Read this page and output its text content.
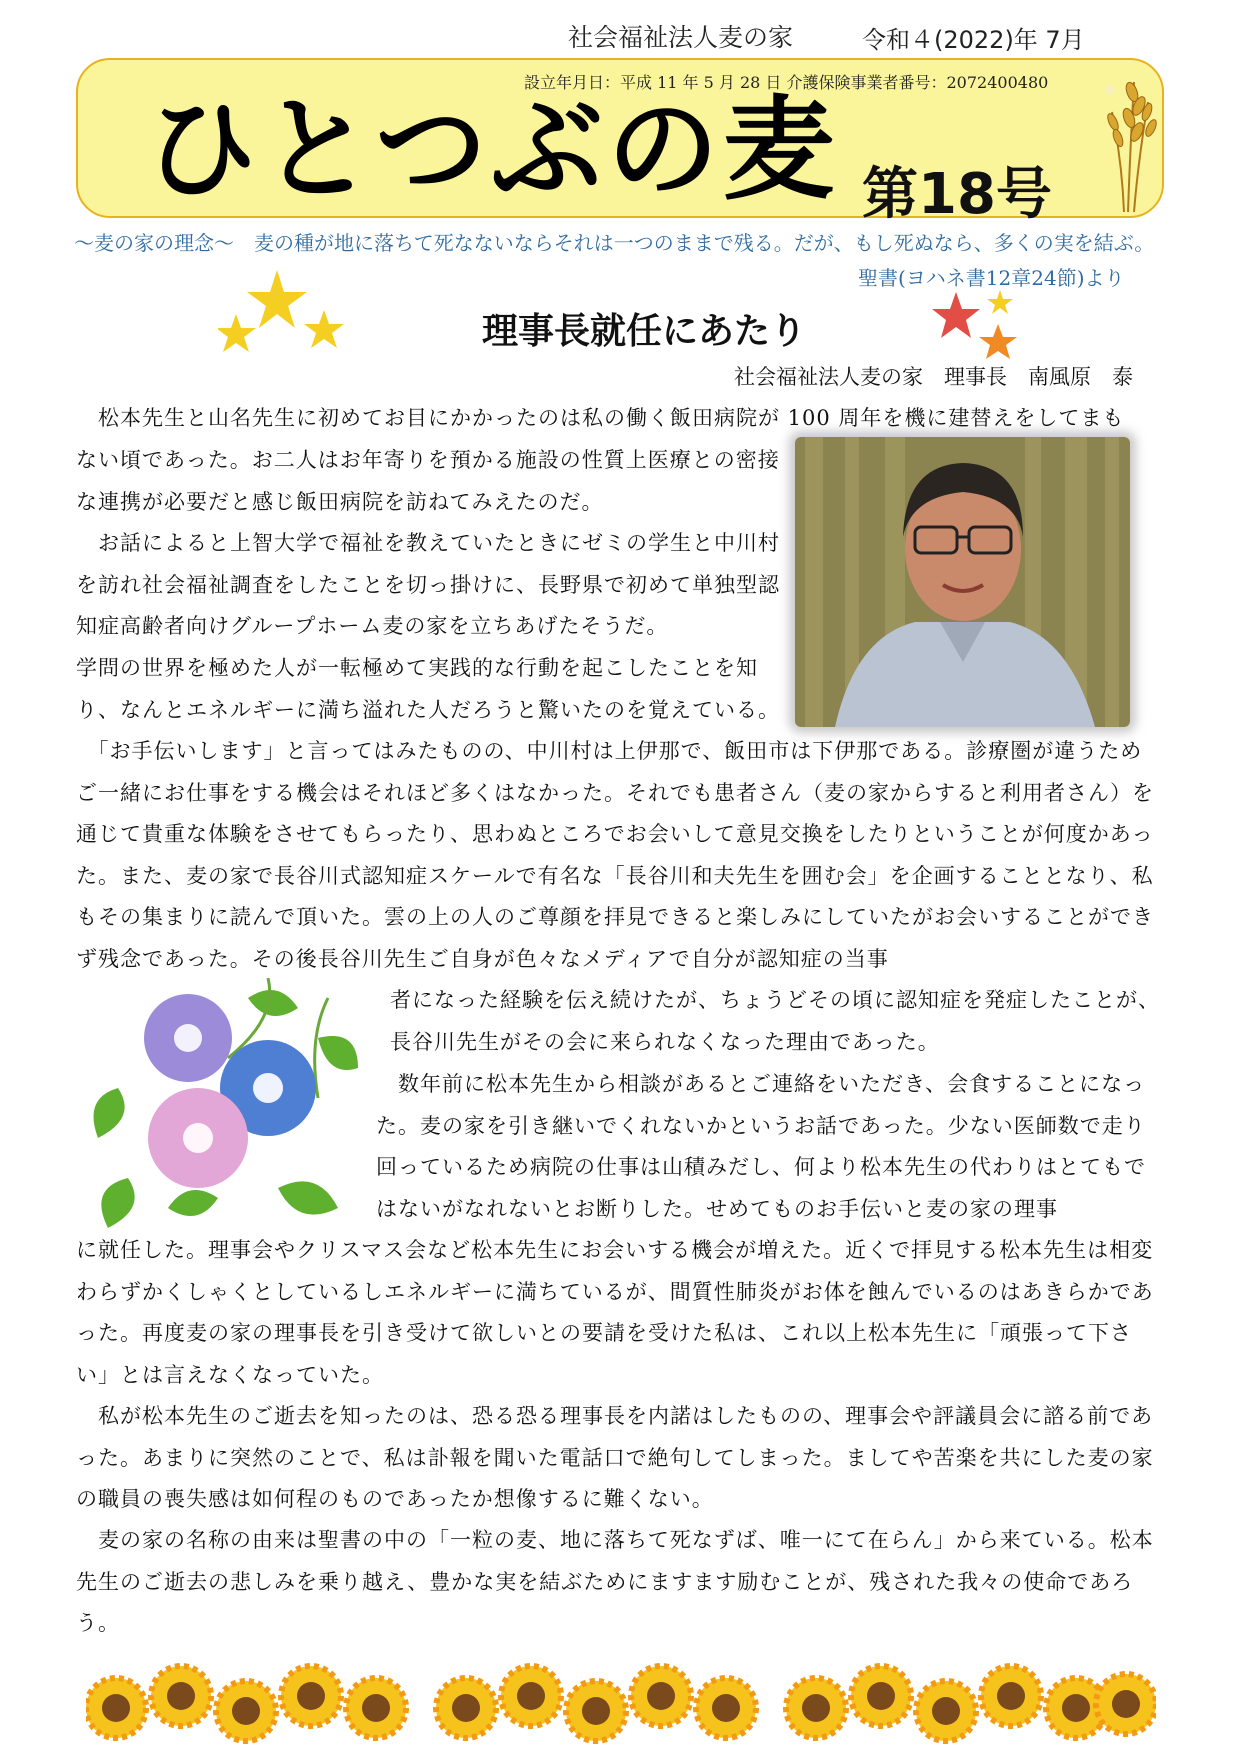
社会福祉法人麦の家	令和４(2022)年 7月
設立年月日：平成 11 年 5 月 28 日 介護保険事業者番号：2072400480
ひとつぶの麦 第18号
～麦の家の理念～　麦の種が地に落ちて死なないならそれは一つのままで残る。だが、もし死ぬなら、多くの実を結ぶ。
聖書(ヨハネ書12章24節)より
理事長就任にあたり
社会福祉法人麦の家　理事長　南風原　泰
　松本先生と山名先生に初めてお目にかかったのは私の働く飯田病院が 100 周年を機に建替えをしてまも
ない頃であった。お二人はお年寄りを預かる施設の性質上医療との密接な連携が必要だと感じ飯田病院を訪ねてみえたのだ。
　お話によると上智大学で福祉を教えていたときにゼミの学生と中川村を訪れ社会福祉調査をしたことを切っ掛けに、長野県で初めて単独型認知症高齢者向けグループホーム麦の家を立ちあげたそうだ。
学問の世界を極めた人が一転極めて実践的な行動を起こしたことを知り、なんとエネルギーに満ち溢れた人だろうと驚いたのを覚えている。
　「お手伝いします」と言ってはみたものの、中川村は上伊那で、飯田市は下伊那である。診療圏が違うためご一緒にお仕事をする機会はそれほど多くはなかった。それでも患者さん（麦の家からすると利用者さん）を通じて貴重な体験をさせてもらったり、思わぬところでお会いして意見交換をしたりということが何度かあった。また、麦の家で長谷川式認知症スケールで有名な「長谷川和夫先生を囲む会」を企画することとなり、私もその集まりに読んで頂いた。雲の上の人のご尊顔を拝見できると楽しみにしていたがお会いすることができず残念であった。その後長谷川先生ご自身が色々なメディアで自分が認知症の当事
者になった経験を伝え続けたが、ちょうどその頃に認知症を発症したことが、長谷川先生がその会に来られなくなった理由であった。
　数年前に松本先生から相談があるとご連絡をいただき、会食することになった。麦の家を引き継いでくれないかというお話であった。少ない医師数で走り回っているため病院の仕事は山積みだし、何より松本先生の代わりはとてもではないがなれないとお断りした。せめてものお手伝いと麦の家の理事
に就任した。理事会やクリスマス会など松本先生にお会いする機会が増えた。近くで拝見する松本先生は相変わらずかくしゃくとしているしエネルギーに満ちているが、間質性肺炎がお体を蝕んでいるのはあきらかであった。再度麦の家の理事長を引き受けて欲しいとの要請を受けた私は、これ以上松本先生に「頑張って下さい」とは言えなくなっていた。
　私が松本先生のご逝去を知ったのは、恐る恐る理事長を内諾はしたものの、理事会や評議員会に諮る前であった。あまりに突然のことで、私は訃報を聞いた電話口で絶句してしまった。ましてや苦楽を共にした麦の家の職員の喪失感は如何程のものであったか想像するに難くない。
　麦の家の名称の由来は聖書の中の「一粒の麦、地に落ちて死なずば、唯一にて在らん」から来ている。松本先生のご逝去の悲しみを乗り越え、豊かな実を結ぶためにますます励むことが、残された我々の使命であろう。
